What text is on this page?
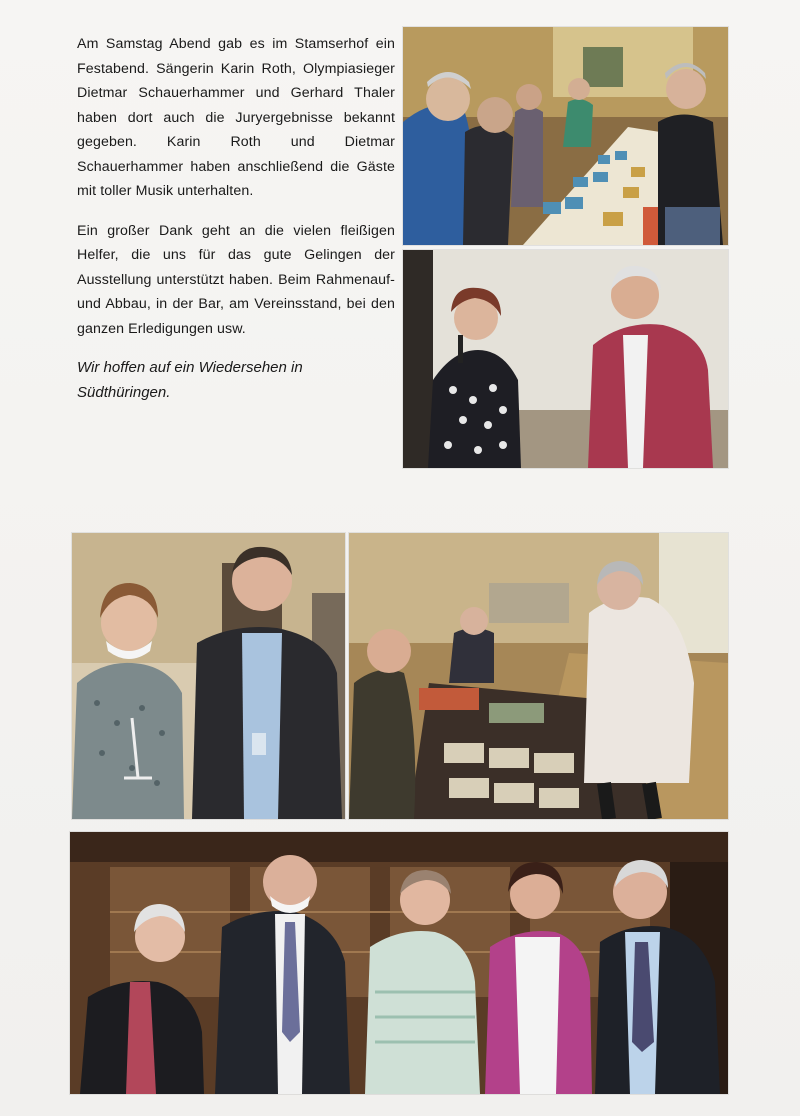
Am Samstag Abend gab es im Stamserhof ein Festabend. Sängerin Karin Roth, Olympiasieger Dietmar Schauerhammer und Gerhard Thaler haben dort auch die Juryergebnisse bekannt gegeben. Karin Roth und Dietmar Schauerhammer haben anschließend die Gäste mit toller Musik unterhalten.

Ein großer Dank geht an die vielen fleißigen Helfer, die uns für das gute Gelingen der Ausstellung unterstützt haben. Beim Rahmenauf- und Abbau, in der Bar, am Vereinsstand, bei den ganzen Erledigungen usw.

Wir hoffen auf ein Wiedersehen in Südthüringen.
